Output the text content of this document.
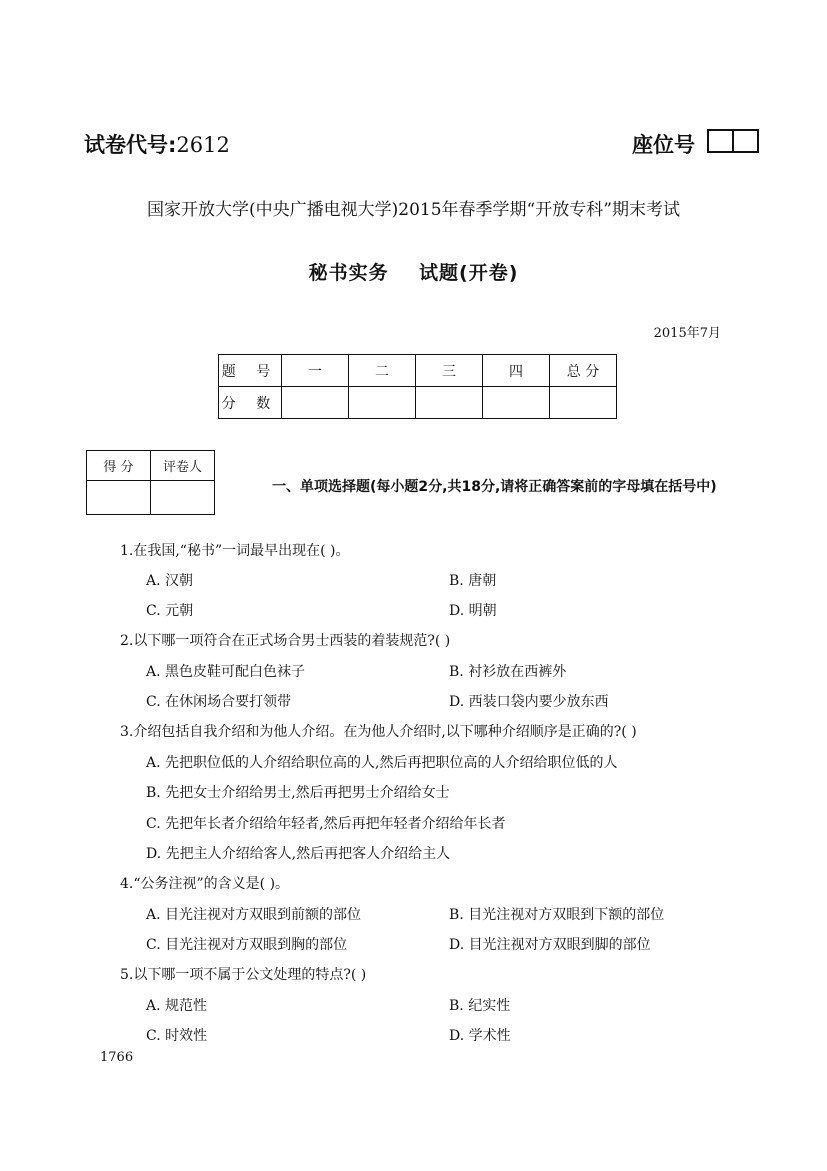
试卷代号:2612	座位号
国家开放大学(中央广播电视大学)2015年春季学期“开放专科”期末考试
秘书实务    试题(开卷)
2015年7月
题 号	一	二	三	四	总 分
分 数					
得 分	评卷人

一、单项选择题(每小题2分,共18分,请将正确答案前的字母填在括号中)
1.在我国,“秘书”一词最早出现在( )。
A. 汉朝	B. 唐朝
C. 元朝	D. 明朝
2.以下哪一项符合在正式场合男士西装的着装规范?( )
A. 黑色皮鞋可配白色袜子	B. 衬衫放在西裤外
C. 在休闲场合要打领带	D. 西装口袋内要少放东西
3.介绍包括自我介绍和为他人介绍。在为他人介绍时,以下哪种介绍顺序是正确的?( )
A. 先把职位低的人介绍给职位高的人,然后再把职位高的人介绍给职位低的人
B. 先把女士介绍给男士,然后再把男士介绍给女士
C. 先把年长者介绍给年轻者,然后再把年轻者介绍给年长者
D. 先把主人介绍给客人,然后再把客人介绍给主人
4.“公务注视”的含义是( )。
A. 目光注视对方双眼到前额的部位	B. 目光注视对方双眼到下额的部位
C. 目光注视对方双眼到胸的部位	D. 目光注视对方双眼到脚的部位
5.以下哪一项不属于公文处理的特点?( )
A. 规范性	B. 纪实性
C. 时效性	D. 学术性
1766
